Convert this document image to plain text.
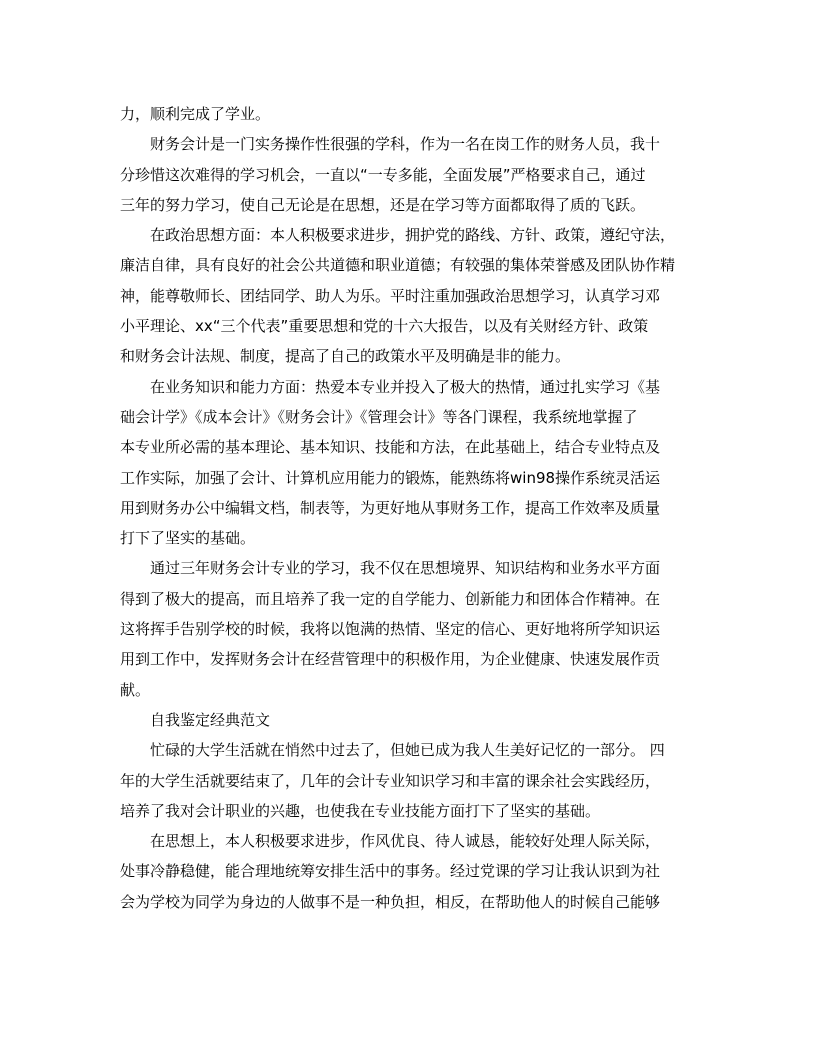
力，顺利完成了学业。
财务会计是一门实务操作性很强的学科，作为一名在岗工作的财务人员，我十
分珍惜这次难得的学习机会，一直以“一专多能，全面发展”严格要求自己，通过
三年的努力学习，使自己无论是在思想，还是在学习等方面都取得了质的飞跃。
在政治思想方面：本人积极要求进步，拥护党的路线、方针、政策，遵纪守法，
廉洁自律，具有良好的社会公共道德和职业道德；有较强的集体荣誉感及团队协作精
神，能尊敬师长、团结同学、助人为乐。平时注重加强政治思想学习，认真学习邓
小平理论、xx“三个代表”重要思想和党的十六大报告，以及有关财经方针、政策
和财务会计法规、制度，提高了自己的政策水平及明确是非的能力。
在业务知识和能力方面：热爱本专业并投入了极大的热情，通过扎实学习《基
础会计学》《成本会计》《财务会计》《管理会计》等各门课程，我系统地掌握了
本专业所必需的基本理论、基本知识、技能和方法，在此基础上，结合专业特点及
工作实际，加强了会计、计算机应用能力的锻炼，能熟练将win98操作系统灵活运
用到财务办公中编辑文档，制表等，为更好地从事财务工作，提高工作效率及质量
打下了坚实的基础。
通过三年财务会计专业的学习，我不仅在思想境界、知识结构和业务水平方面
得到了极大的提高，而且培养了我一定的自学能力、创新能力和团体合作精神。在
这将挥手告别学校的时候，我将以饱满的热情、坚定的信心、更好地将所学知识运
用到工作中，发挥财务会计在经营管理中的积极作用，为企业健康、快速发展作贡
献。
自我鉴定经典范文
忙碌的大学生活就在悄然中过去了，但她已成为我人生美好记忆的一部分。 四
年的大学生活就要结束了，几年的会计专业知识学习和丰富的课余社会实践经历，
培养了我对会计职业的兴趣，也使我在专业技能方面打下了坚实的基础。
在思想上，本人积极要求进步，作风优良、待人诚恳，能较好处理人际关际，
处事冷静稳健，能合理地统筹安排生活中的事务。经过党课的学习让我认识到为社
会为学校为同学为身边的人做事不是一种负担，相反，在帮助他人的时候自己能够
